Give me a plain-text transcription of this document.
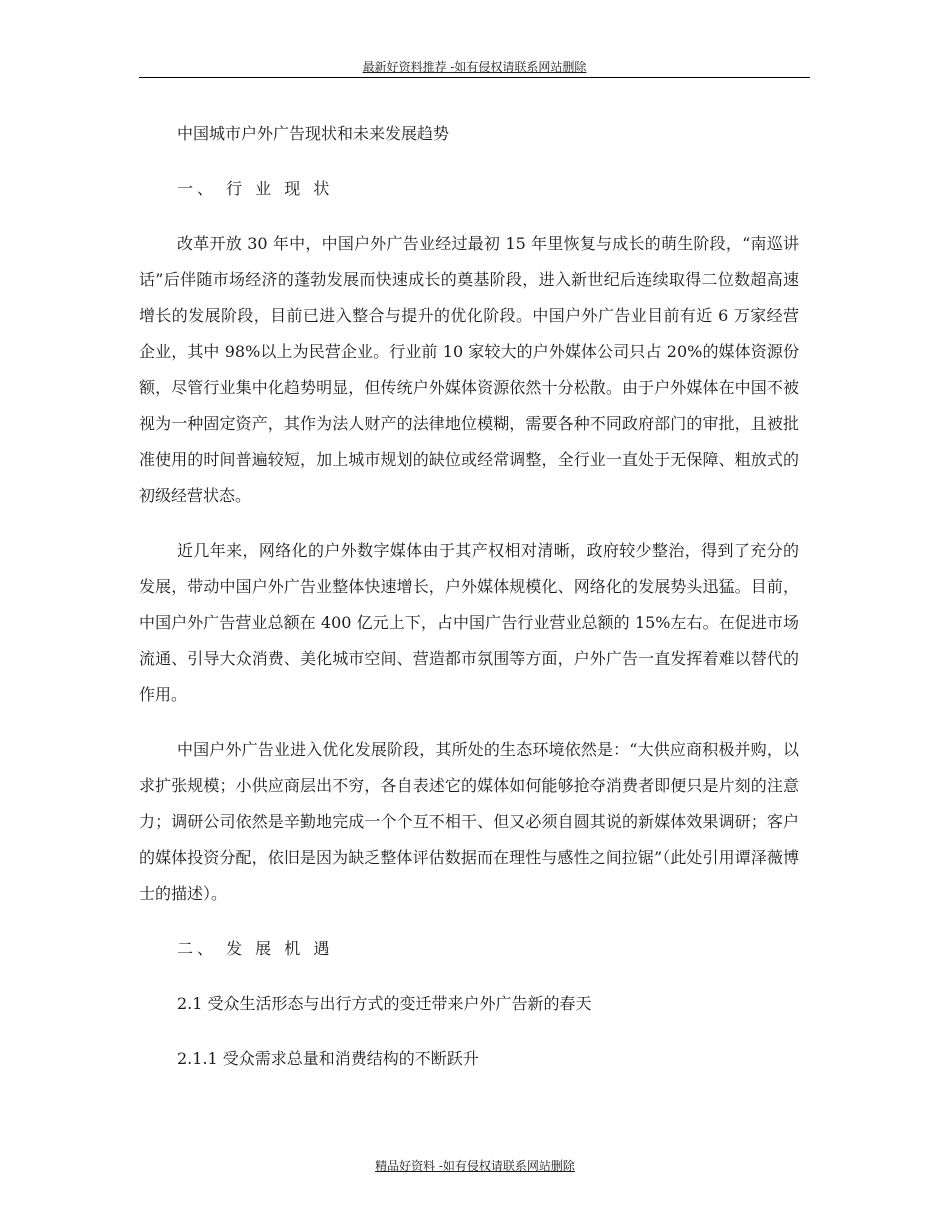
最新好资料推荐 -如有侵权请联系网站删除
中国城市户外广告现状和未来发展趋势
一、 行 业 现 状

改革开放 30 年中，中国户外广告业经过最初 15 年里恢复与成长的萌生阶段，“南巡讲话”后伴随市场经济的蓬勃发展而快速成长的奠基阶段，进入新世纪后连续取得二位数超高速增长的发展阶段，目前已进入整合与提升的优化阶段。中国户外广告业目前有近 6 万家经营企业，其中 98%以上为民营企业。行业前 10 家较大的户外媒体公司只占 20%的媒体资源份额，尽管行业集中化趋势明显，但传统户外媒体资源依然十分松散。由于户外媒体在中国不被视为一种固定资产，其作为法人财产的法律地位模糊，需要各种不同政府部门的审批，且被批准使用的时间普遍较短，加上城市规划的缺位或经常调整，全行业一直处于无保障、粗放式的初级经营状态。

近几年来，网络化的户外数字媒体由于其产权相对清晰，政府较少整治，得到了充分的发展，带动中国户外广告业整体快速增长，户外媒体规模化、网络化的发展势头迅猛。目前，中国户外广告营业总额在 400 亿元上下，占中国广告行业营业总额的 15%左右。在促进市场流通、引导大众消费、美化城市空间、营造都市氛围等方面，户外广告一直发挥着难以替代的作用。

中国户外广告业进入优化发展阶段，其所处的生态环境依然是：“大供应商积极并购，以求扩张规模；小供应商层出不穷，各自表述它的媒体如何能够抢夺消费者即便只是片刻的注意力；调研公司依然是辛勤地完成一个个互不相干、但又必须自圆其说的新媒体效果调研；客户的媒体投资分配，依旧是因为缺乏整体评估数据而在理性与感性之间拉锯”（此处引用谭泽薇博士的描述）。

二、 发 展 机 遇
2.1 受众生活形态与出行方式的变迁带来户外广告新的春天
2.1.1 受众需求总量和消费结构的不断跃升
精品好资料 -如有侵权请联系网站删除
